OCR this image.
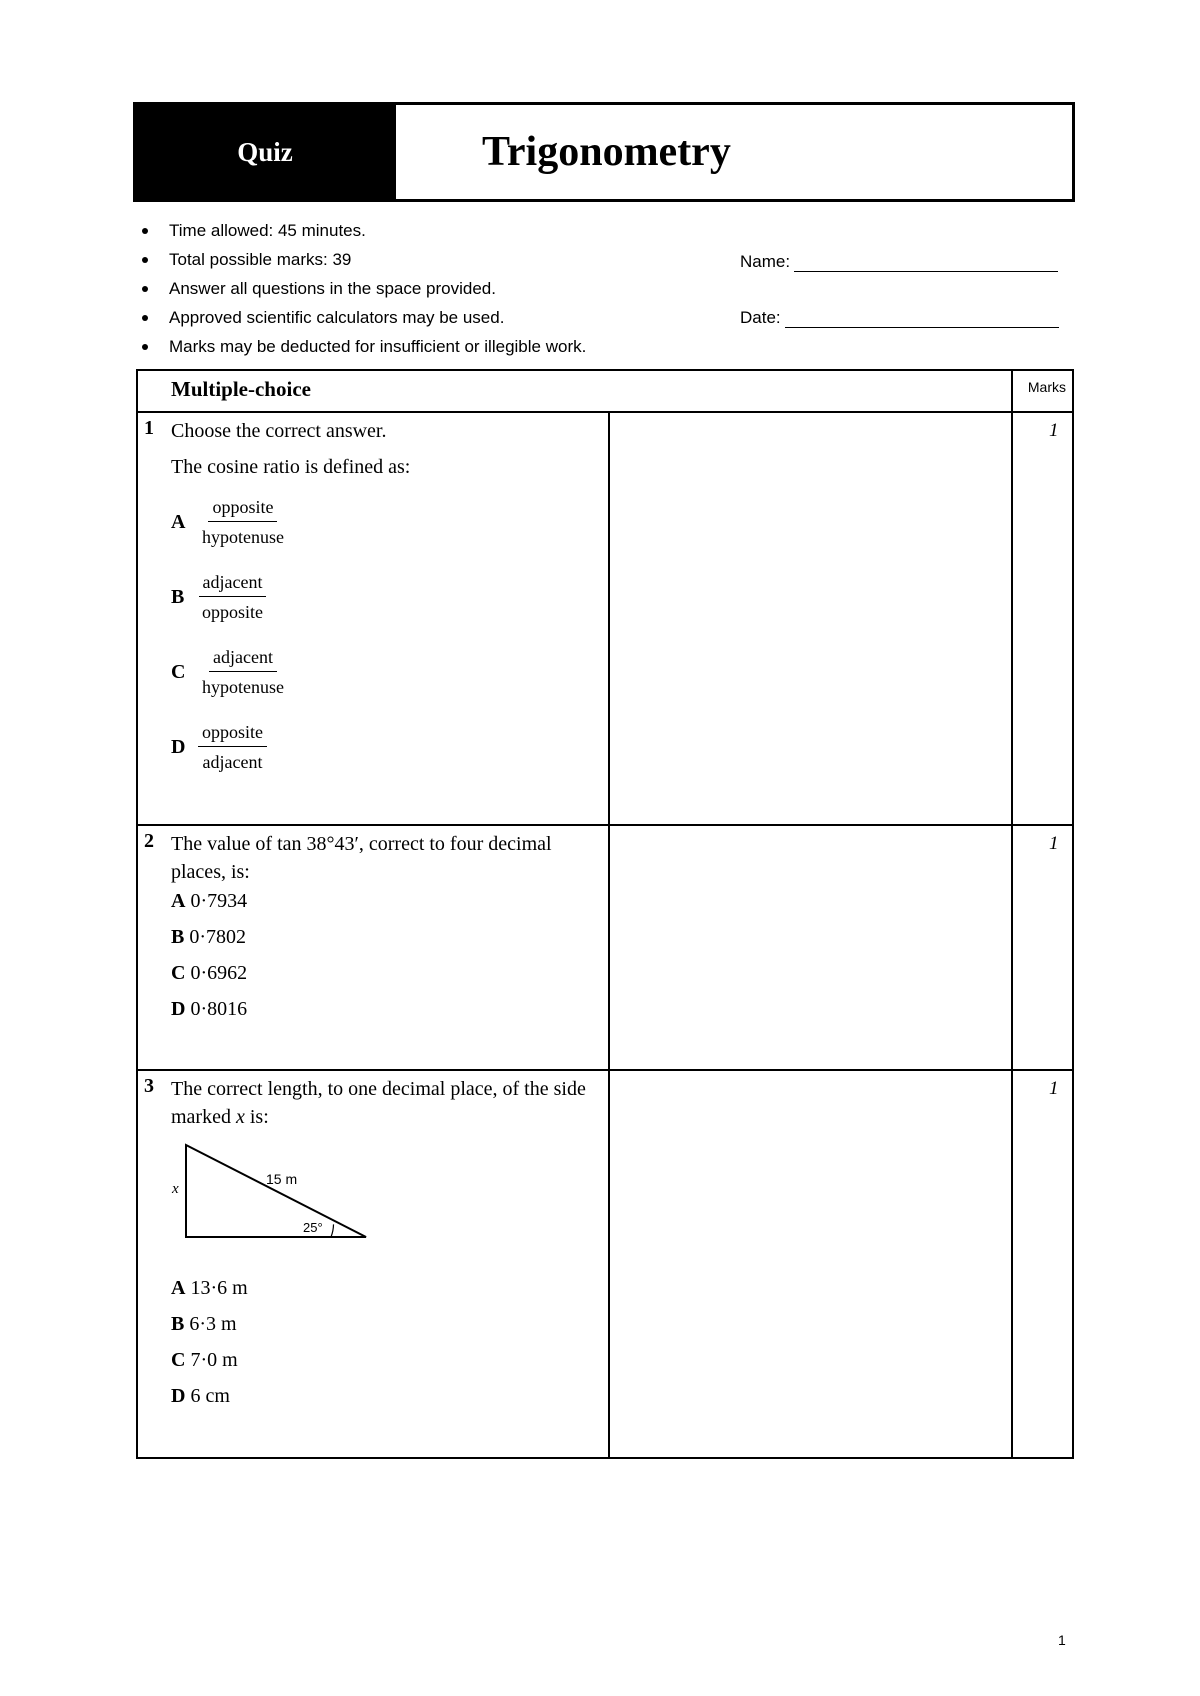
Quiz	Trigonometry
Time allowed: 45 minutes.
Total possible marks: 39
Answer all questions in the space provided.
Approved scientific calculators may be used.
Marks may be deducted for insufficient or illegible work.
Name:
Date:
Multiple-choice	Marks
1 Choose the correct answer.
The cosine ratio is defined as:
1
A $\frac{\text{opposite}}{\text{hypotenuse}}$
B $\frac{\text{adjacent}}{\text{opposite}}$
C $\frac{\text{adjacent}}{\text{hypotenuse}}$
D $\frac{\text{opposite}}{\text{adjacent}}$
2 The value of tan 38°43′, correct to four decimal places, is:
1
A 0·7934
B 0·7802
C 0·6962
D 0·8016
3 The correct length, to one decimal place, of the side marked x is:
1
x
15 m
25°
A 13·6 m
B 6·3 m
C 7·0 m
D 6 cm
1
